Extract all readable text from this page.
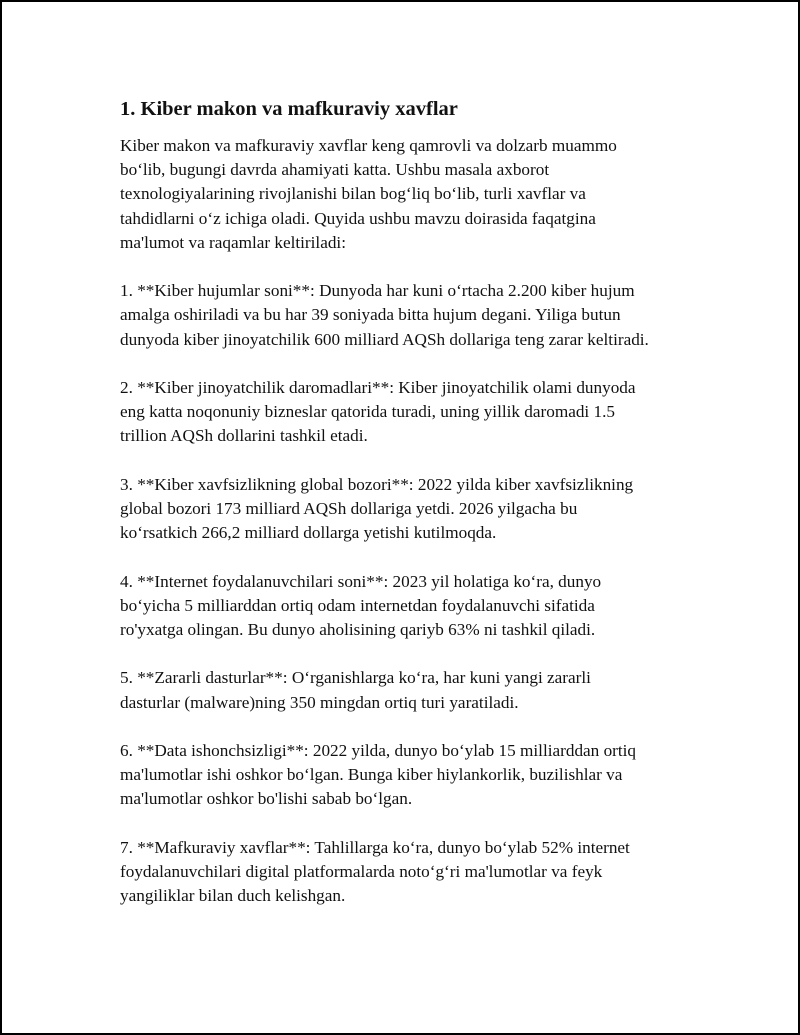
1. Kiber makon va mafkuraviy xavflar

Kiber makon va mafkuraviy xavflar keng qamrovli va dolzarb muammo
bo‘lib, bugungi davrda ahamiyati katta. Ushbu masala axborot
texnologiyalarining rivojlanishi bilan bog‘liq bo‘lib, turli xavflar va
tahdidlarni o‘z ichiga oladi. Quyida ushbu mavzu doirasida faqatgina
ma'lumot va raqamlar keltiriladi:

1. **Kiber hujumlar soni**: Dunyoda har kuni o‘rtacha 2.200 kiber hujum
amalga oshiriladi va bu har 39 soniyada bitta hujum degani. Yiliga butun
dunyoda kiber jinoyatchilik 600 milliard AQSh dollariga teng zarar keltiradi.

2. **Kiber jinoyatchilik daromadlari**: Kiber jinoyatchilik olami dunyoda
eng katta noqonuniy bizneslar qatorida turadi, uning yillik daromadi 1.5
trillion AQSh dollarini tashkil etadi.

3. **Kiber xavfsizlikning global bozori**: 2022 yilda kiber xavfsizlikning
global bozori 173 milliard AQSh dollariga yetdi. 2026 yilgacha bu
ko‘rsatkich 266,2 milliard dollarga yetishi kutilmoqda.

4. **Internet foydalanuvchilari soni**: 2023 yil holatiga ko‘ra, dunyo
bo‘yicha 5 milliarddan ortiq odam internetdan foydalanuvchi sifatida
ro'yxatga olingan. Bu dunyo aholisining qariyb 63% ni tashkil qiladi.

5. **Zararli dasturlar**: O‘rganishlarga ko‘ra, har kuni yangi zararli
dasturlar (malware)ning 350 mingdan ortiq turi yaratiladi.

6. **Data ishonchsizligi**: 2022 yilda, dunyo bo‘ylab 15 milliarddan ortiq
ma'lumotlar ishi oshkor bo‘lgan. Bunga kiber hiylankorlik, buzilishlar va
ma'lumotlar oshkor bo'lishi sabab bo‘lgan.

7. **Mafkuraviy xavflar**: Tahlillarga ko‘ra, dunyo bo‘ylab 52% internet
foydalanuvchilari digital platformalarda noto‘g‘ri ma'lumotlar va feyk
yangiliklar bilan duch kelishgan.
